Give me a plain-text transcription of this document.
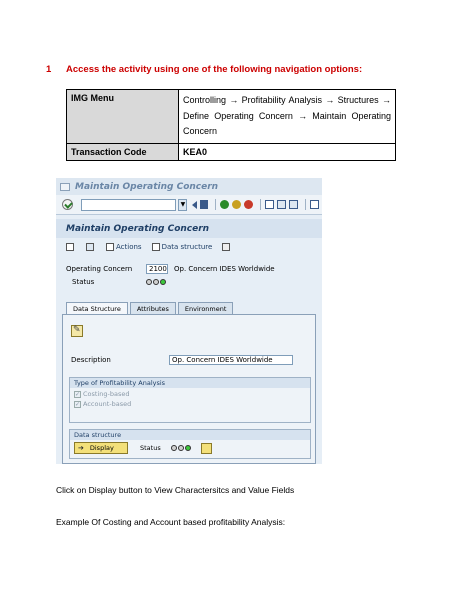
1 Access the activity using one of the following navigation options:
IMG Menu	Controlling → Profitability Analysis → Structures → Define Operating Concern → Maintain Operating Concern
Transaction Code	KEA0
Maintain Operating Concern
▼
Maintain Operating Concern
Actions	Data structure
Operating Concern	2100 Op. Concern IDES Worldwide
Status
Data Structure	Attributes	Environment
✎
Description	Op. Concern IDES Worldwide
Type of Profitability Analysis
✓ Costing-based
✓ Account-based
Data structure
➔ Display	Status
Click on Display button to View Charactersitcs and Value Fields
Example Of Costing and Account based profitability Analysis:
